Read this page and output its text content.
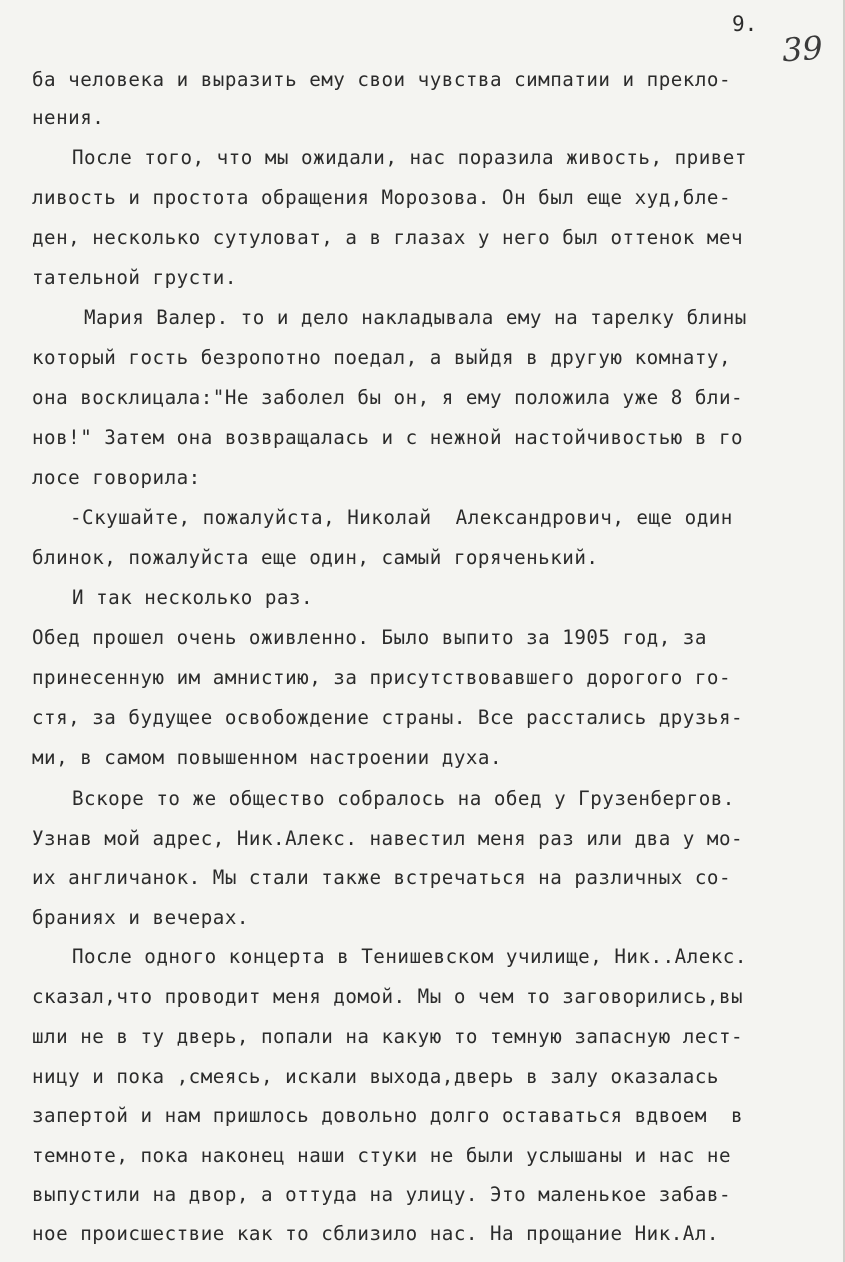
9.
39
ба человека и выразить ему свои чувства симпатии и прекло-
нения.
После того, что мы ожидали, нас поразила живость, привет
ливость и простота обращения Морозова. Он был еще худ,бле-
ден, несколько сутуловат, а в глазах у него был оттенок меч
тательной грусти.
Мария Валер. то и дело накладывала ему на тарелку блины
который гость безропотно поедал, а выйдя в другую комнату,
она восклицала:"Не заболел бы он, я ему положила уже 8 бли-
нов!" Затем она возвращалась и с нежной настойчивостью в го
лосе говорила:
-Скушайте, пожалуйста, Николай  Александрович, еще один
блинок, пожалуйста еще один, самый горяченький.
И так несколько раз.
Обед прошел очень оживленно. Было выпито за 1905 год, за
принесенную им амнистию, за присутствовавшего дорогого го-
стя, за будущее освобождение страны. Все расстались друзья-
ми, в самом повышенном настроении духа.
Вскоре то же общество собралось на обед у Грузенбергов.
Узнав мой адрес, Ник.Алекс. навестил меня раз или два у мо-
их англичанок. Мы стали также встречаться на различных со-
браниях и вечерах.
После одного концерта в Тенишевском училище, Ник..Алекс.
сказал,что проводит меня домой. Мы о чем то заговорились,вы
шли не в ту дверь, попали на какую то темную запасную лест-
ницу и пока ,смеясь, искали выхода,дверь в залу оказалась
запертой и нам пришлось довольно долго оставаться вдвоем  в
темноте, пока наконец наши стуки не были услышаны и нас не
выпустили на двор, а оттуда на улицу. Это маленькое забав-
ное происшествие как то сблизило нас. На прощание Ник.Ал.
